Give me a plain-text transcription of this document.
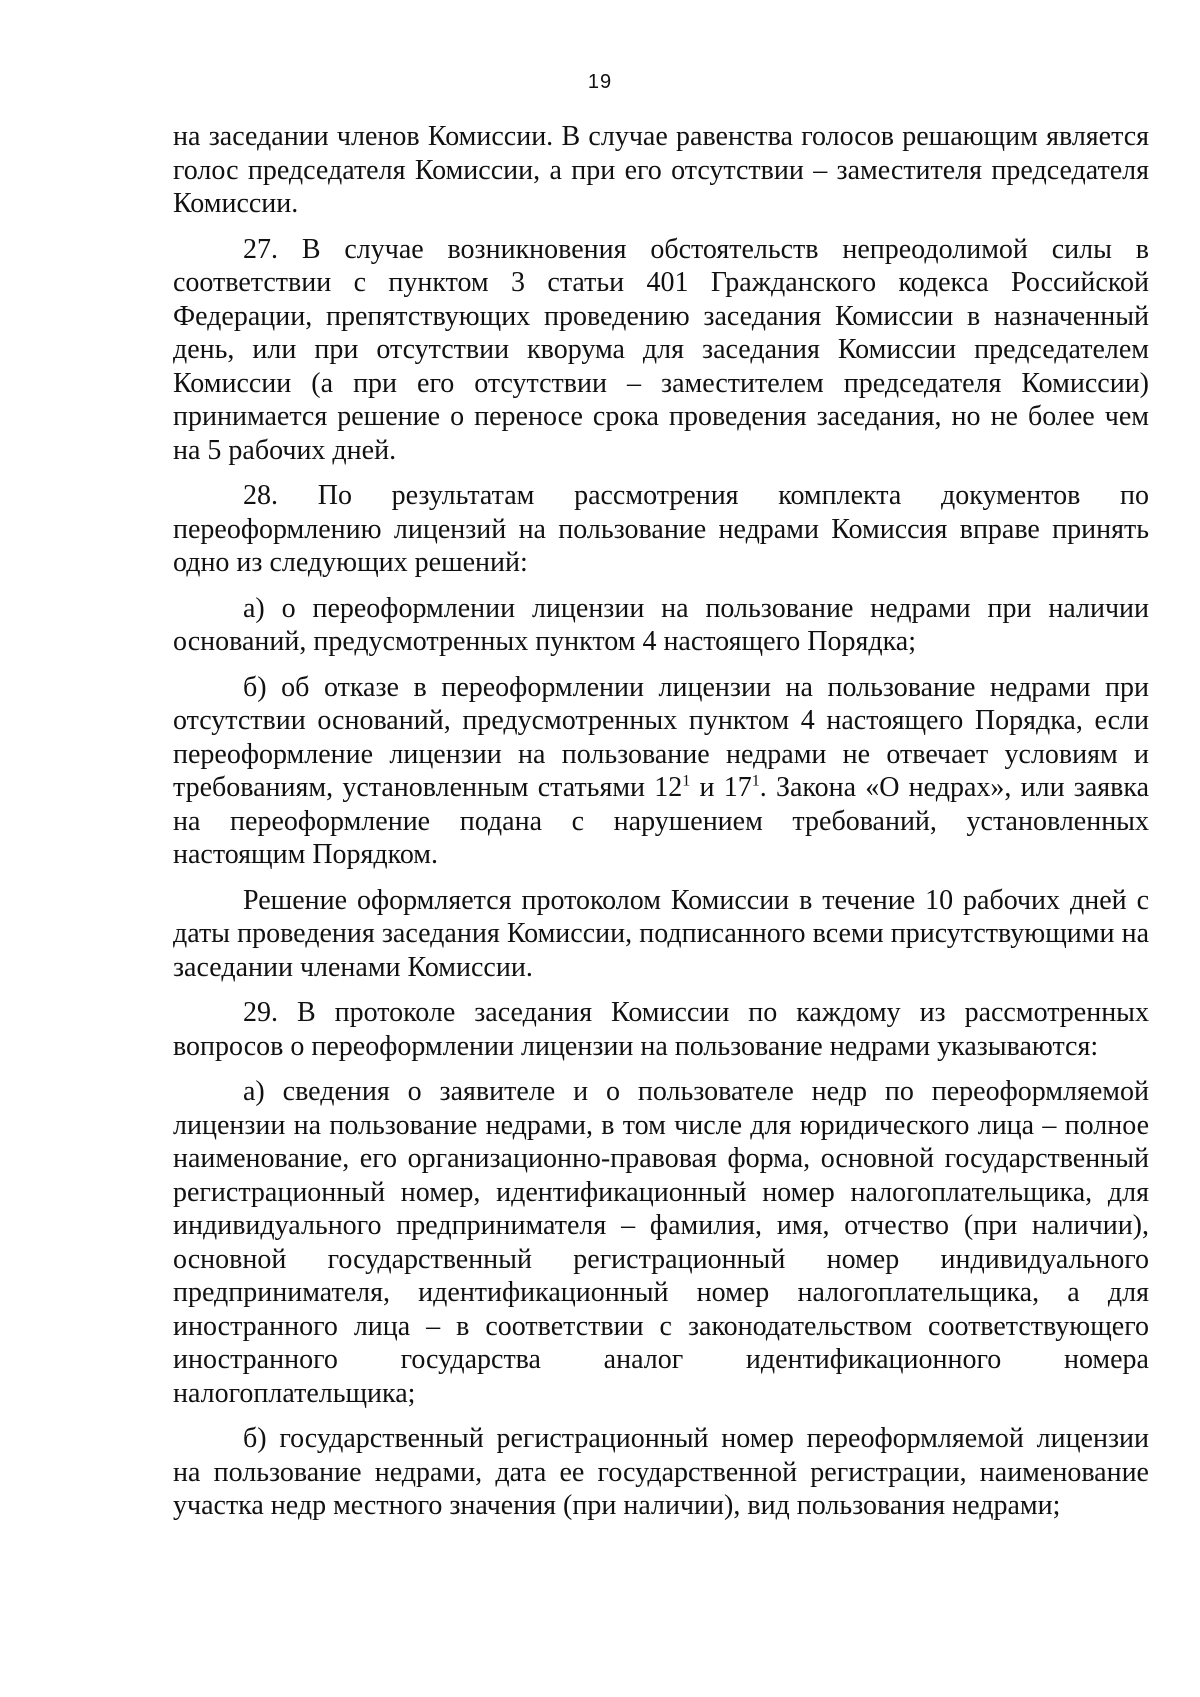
19

на заседании членов Комиссии. В случае равенства голосов решающим является голос председателя Комиссии, а при его отсутствии – заместителя председателя Комиссии.

27. В случае возникновения обстоятельств непреодолимой силы в соответствии с пунктом 3 статьи 401 Гражданского кодекса Российской Федерации, препятствующих проведению заседания Комиссии в назначенный день, или при отсутствии кворума для заседания Комиссии председателем Комиссии (а при его отсутствии – заместителем председателя Комиссии) принимается решение о переносе срока проведения заседания, но не более чем на 5 рабочих дней.

28. По результатам рассмотрения комплекта документов по переоформлению лицензий на пользование недрами Комиссия вправе принять одно из следующих решений:

а) о переоформлении лицензии на пользование недрами при наличии оснований, предусмотренных пунктом 4 настоящего Порядка;

б) об отказе в переоформлении лицензии на пользование недрами при отсутствии оснований, предусмотренных пунктом 4 настоящего Порядка, если переоформление лицензии на пользование недрами не отвечает условиям и требованиям, установленным статьями $12^1$ и $17^1$. Закона «О недрах», или заявка на переоформление подана с нарушением требований, установленных настоящим Порядком.

Решение оформляется протоколом Комиссии в течение 10 рабочих дней с даты проведения заседания Комиссии, подписанного всеми присутствующими на заседании членами Комиссии.

29. В протоколе заседания Комиссии по каждому из рассмотренных вопросов о переоформлении лицензии на пользование недрами указываются:

а) сведения о заявителе и о пользователе недр по переоформляемой лицензии на пользование недрами, в том числе для юридического лица – полное наименование, его организационно-правовая форма, основной государственный регистрационный номер, идентификационный номер налогоплательщика, для индивидуального предпринимателя – фамилия, имя, отчество (при наличии), основной государственный регистрационный номер индивидуального предпринимателя, идентификационный номер налогоплательщика, а для иностранного лица – в соответствии с законодательством соответствующего иностранного государства аналог идентификационного номера налогоплательщика;

б) государственный регистрационный номер переоформляемой лицензии на пользование недрами, дата ее государственной регистрации, наименование участка недр местного значения (при наличии), вид пользования недрами;
